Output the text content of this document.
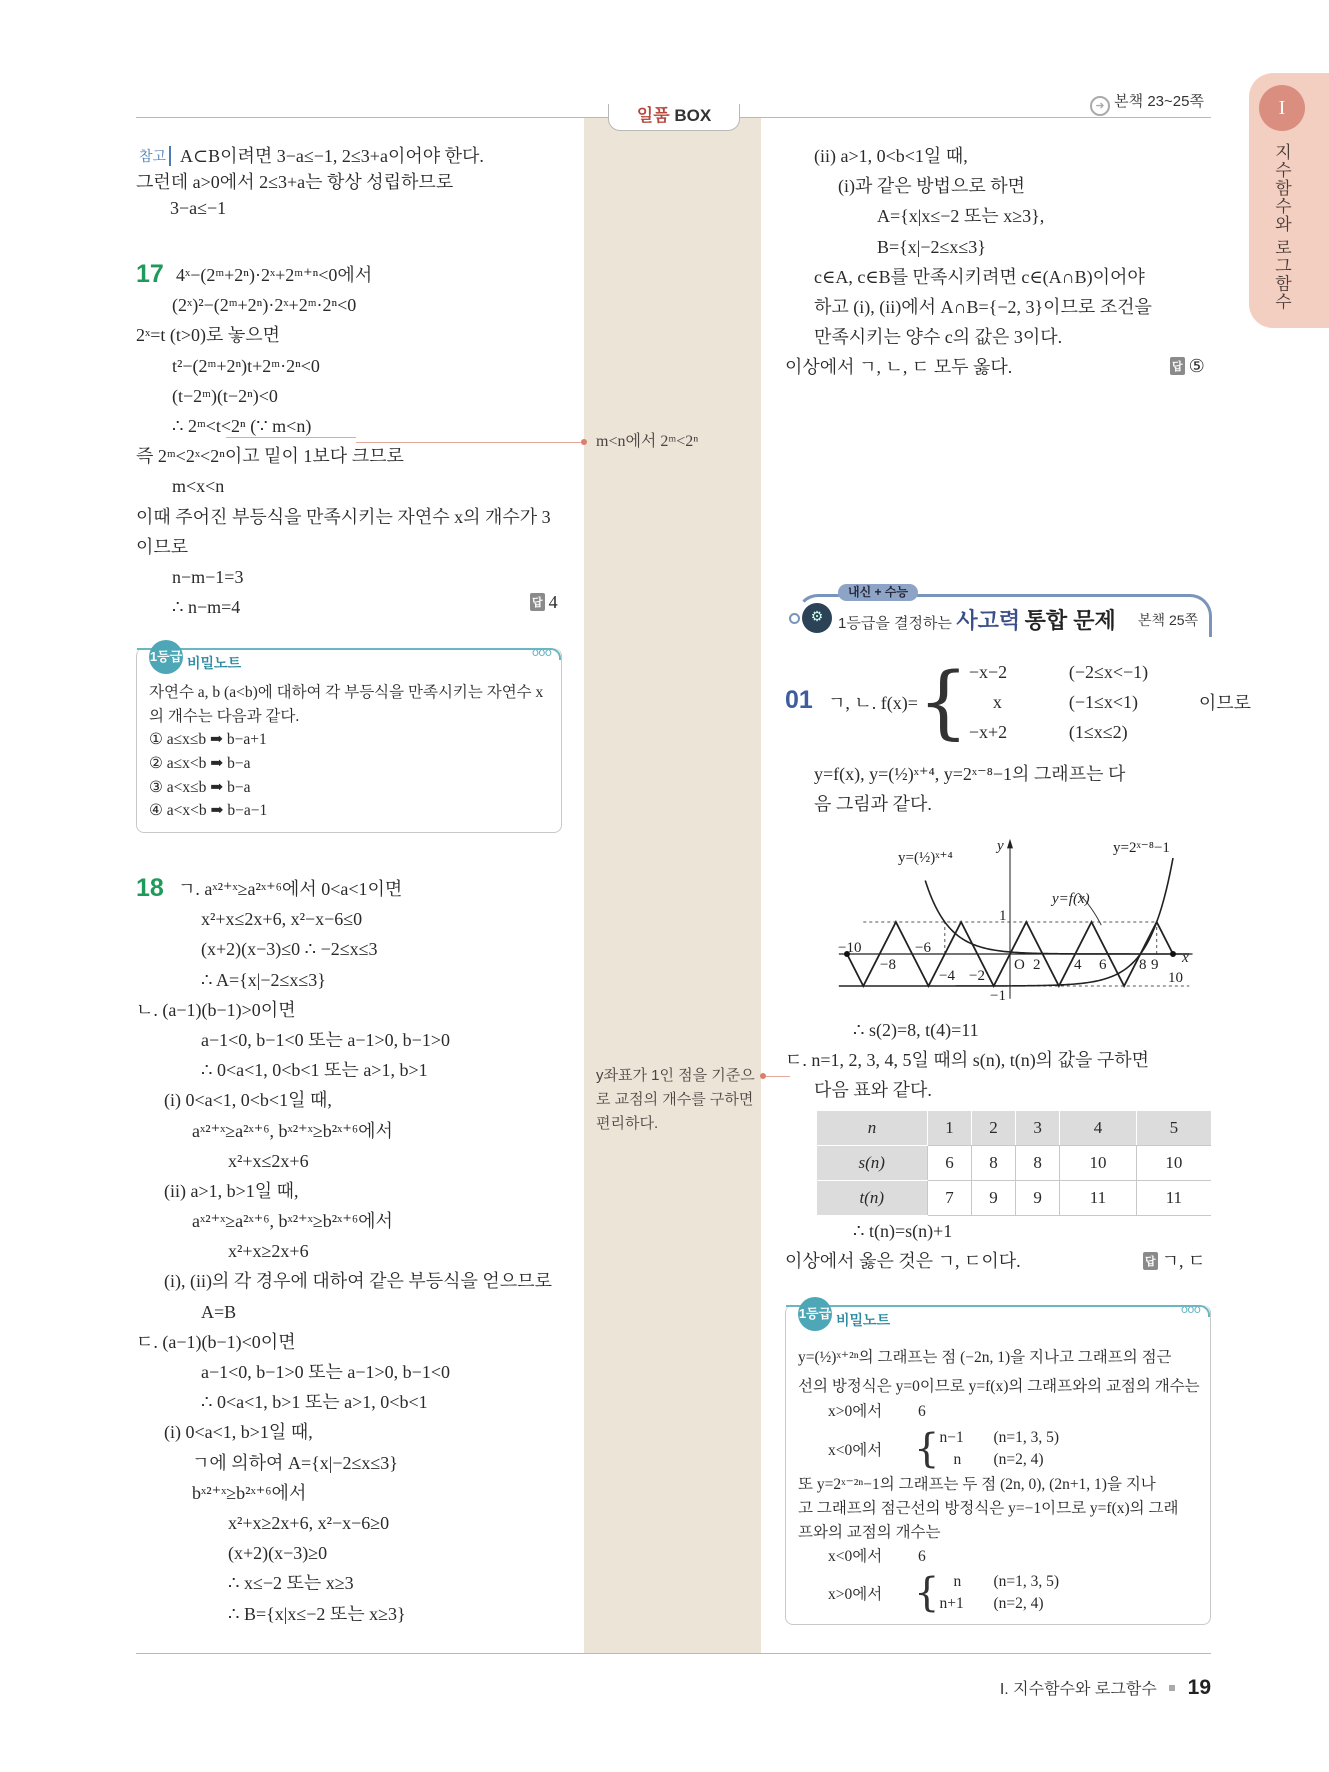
일품 BOX	➜ 본책 23~25쪽	I
지수함수와 로그함수
참고 A⊂B이려면 3−a≤−1, 2≤3+a이어야 한다.
그런데 a>0에서 2≤3+a는 항상 성립하므로
3−a≤−1
17 4ˣ−(2ᵐ+2ⁿ)·2ˣ+2ᵐ⁺ⁿ<0에서
(2ˣ)²−(2ᵐ+2ⁿ)·2ˣ+2ᵐ·2ⁿ<0
2ˣ=t (t>0)로 놓으면
t²−(2ᵐ+2ⁿ)t+2ᵐ·2ⁿ<0
(t−2ᵐ)(t−2ⁿ)<0
∴ 2ᵐ<t<2ⁿ (∵ m<n)
즉 2ᵐ<2ˣ<2ⁿ이고 밑이 1보다 크므로
m<x<n
이때 주어진 부등식을 만족시키는 자연수 x의 개수가 3
이므로
n−m−1=3
∴ n−m=4	답 4
1등급 비밀노트
ʊʊʊ
자연수 a, b (a<b)에 대하여 각 부등식을 만족시키는 자연수 x
의 개수는 다음과 같다.
① a≤x≤b ➡ b−a+1
② a≤x<b ➡ b−a
③ a<x≤b ➡ b−a
④ a<x<b ➡ b−a−1
18 ㄱ. aˣ²⁺ˣ≥a²ˣ⁺⁶에서 0<a<1이면
x²+x≤2x+6, x²−x−6≤0
(x+2)(x−3)≤0 ∴ −2≤x≤3
∴ A={x|−2≤x≤3}
ㄴ. (a−1)(b−1)>0이면
a−1<0, b−1<0 또는 a−1>0, b−1>0
∴ 0<a<1, 0<b<1 또는 a>1, b>1
(i) 0<a<1, 0<b<1일 때,
aˣ²⁺ˣ≥a²ˣ⁺⁶, bˣ²⁺ˣ≥b²ˣ⁺⁶에서
x²+x≤2x+6
(ii) a>1, b>1일 때,
aˣ²⁺ˣ≥a²ˣ⁺⁶, bˣ²⁺ˣ≥b²ˣ⁺⁶에서
x²+x≥2x+6
(i), (ii)의 각 경우에 대하여 같은 부등식을 얻으므로
A=B
ㄷ. (a−1)(b−1)<0이면
a−1<0, b−1>0 또는 a−1>0, b−1<0
∴ 0<a<1, b>1 또는 a>1, 0<b<1
(i) 0<a<1, b>1일 때,
ㄱ에 의하여 A={x|−2≤x≤3}
bˣ²⁺ˣ≥b²ˣ⁺⁶에서
x²+x≥2x+6, x²−x−6≥0
(x+2)(x−3)≥0
∴ x≤−2 또는 x≥3
∴ B={x|x≤−2 또는 x≥3}
m<n에서 2ᵐ<2ⁿ
y좌표가 1인 점을 기준으로 교점의 개수를 구하면 편리하다.
(ii) a>1, 0<b<1일 때,
(i)과 같은 방법으로 하면
A={x|x≤−2 또는 x≥3},
B={x|−2≤x≤3}
c∈A, c∈B를 만족시키려면 c∈(A∩B)이어야
하고 (i), (ii)에서 A∩B={−2, 3}이므로 조건을
만족시키는 양수 c의 값은 3이다.
이상에서 ㄱ, ㄴ, ㄷ 모두 옳다.	답 ⑤
내신 + 수능
⚙ 1등급을 결정하는 사고력 통합 문제 본책 25쪽
01 ㄱ, ㄴ. f(x)= { −x−2	(−2≤x<−1)
x	(−1≤x<1)
−x+2	(1≤x≤2)
이므로
y=f(x), y=(½)ˣ⁺⁴, y=2ˣ⁻⁸−1의 그래프는 다
음 그림과 같다.
y=(½)ˣ⁺⁴
y=2ˣ⁻⁸−1
y=f(x)
y
x
O
1
−1
−10
−8
−6
−4 −2
2 4 6 8 9
10
∴ s(2)=8, t(4)=11
ㄷ. n=1, 2, 3, 4, 5일 때의 s(n), t(n)의 값을 구하면
다음 표와 같다.
n	1	2	3	4	5
s(n)	6	8	8	10	10
t(n)	7	9	9	11	11
∴ t(n)=s(n)+1
이상에서 옳은 것은 ㄱ, ㄷ이다.	답 ㄱ, ㄷ
1등급 비밀노트
ʊʊʊ
y=(½)ˣ⁺²ⁿ의 그래프는 점 (−2n, 1)을 지나고 그래프의 점근
선의 방정식은 y=0이므로 y=f(x)의 그래프와의 교점의 개수는
x>0에서 6
x<0에서 { n−1	(n=1, 3, 5)
n	(n=2, 4)
또 y=2ˣ⁻²ⁿ−1의 그래프는 두 점 (2n, 0), (2n+1, 1)을 지나
고 그래프의 점근선의 방정식은 y=−1이므로 y=f(x)의 그래
프와의 교점의 개수는
x<0에서 6
x>0에서 { n	(n=1, 3, 5)
n+1	(n=2, 4)
I. 지수함수와 로그함수 19
